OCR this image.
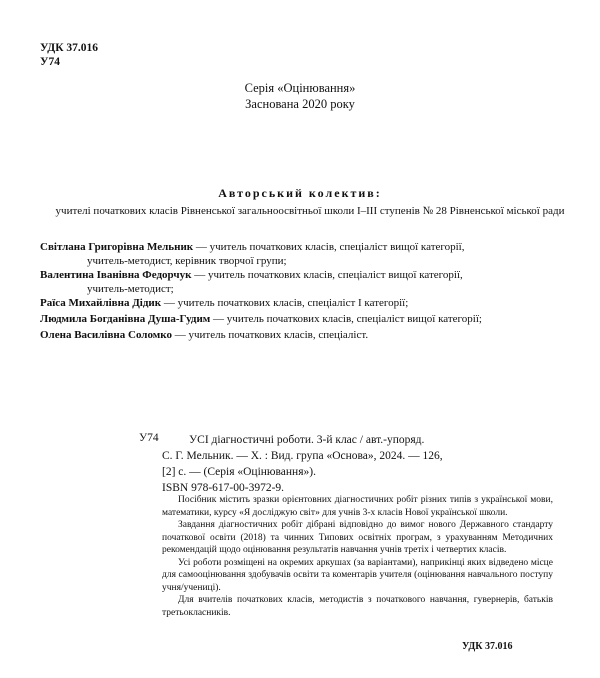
УДК 37.016
У74
Серія «Оцінювання»
Заснована 2020 року
Авторський колектив:
учителі початкових класів Рівненської загальноосвітньої школи I–III ступенів № 28 Рівненської міської ради
Світлана Григорівна Мельник — учитель початкових класів, спеціаліст вищої категорії,
учитель-методист, керівник творчої групи;
Валентина Іванівна Федорчук — учитель початкових класів, спеціаліст вищої категорії,
учитель-методист;
Раїса Михайлівна Дідик — учитель початкових класів, спеціаліст I категорії;
Людмила Богданівна Душа-Гудим — учитель початкових класів, спеціаліст вищої категорії;
Олена Василівна Соломко — учитель початкових класів, спеціаліст.
У74	УСІ діагностичні роботи. 3-й клас / авт.-упоряд.
С. Г. Мельник. — Х. : Вид. група «Основа», 2024. — 126,
[2] с. — (Серія «Оцінювання»).
ISBN 978-617-00-3972-9.

Посібник містить зразки орієнтовних діагностичних робіт різних типів з української мови, математики, курсу «Я досліджую світ» для учнів 3-х класів Нової української школи.

Завдання діагностичних робіт дібрані відповідно до вимог нового Державного стандарту початкової освіти (2018) та чинних Типових освітніх програм, з урахуванням Методичних рекомендацій щодо оцінювання результатів навчання учнів третіх і четвертих класів.

Усі роботи розміщені на окремих аркушах (за варіантами), наприкінці яких відведено місце для самооцінювання здобувачів освіти та коментарів учителя (оцінювання навчального поступу учня/учениці).

Для вчителів початкових класів, методистів з початкового навчання, гувернерів, батьків третьокласників.

УДК 37.016
